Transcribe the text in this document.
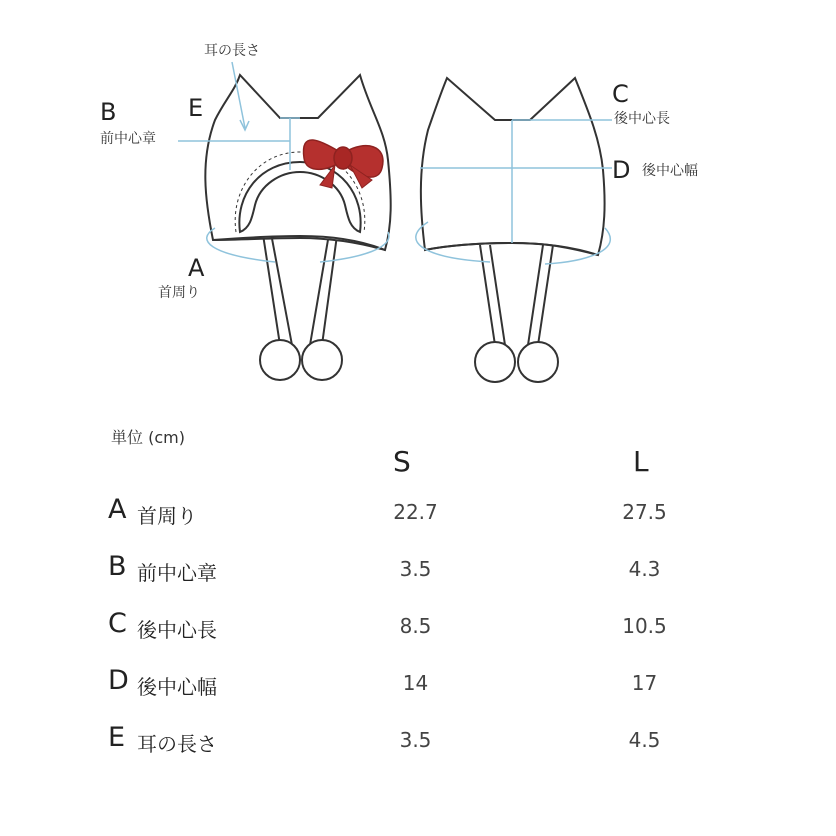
耳の長さ
B
前中心章
E
A
首周り
C
後中心長
D 後中心幅
単位 (cm)
S	L
A 首周り	22.7	27.5
B 前中心章	3.5	4.3
C 後中心長	8.5	10.5
D 後中心幅	14	17
E 耳の長さ	3.5	4.5
